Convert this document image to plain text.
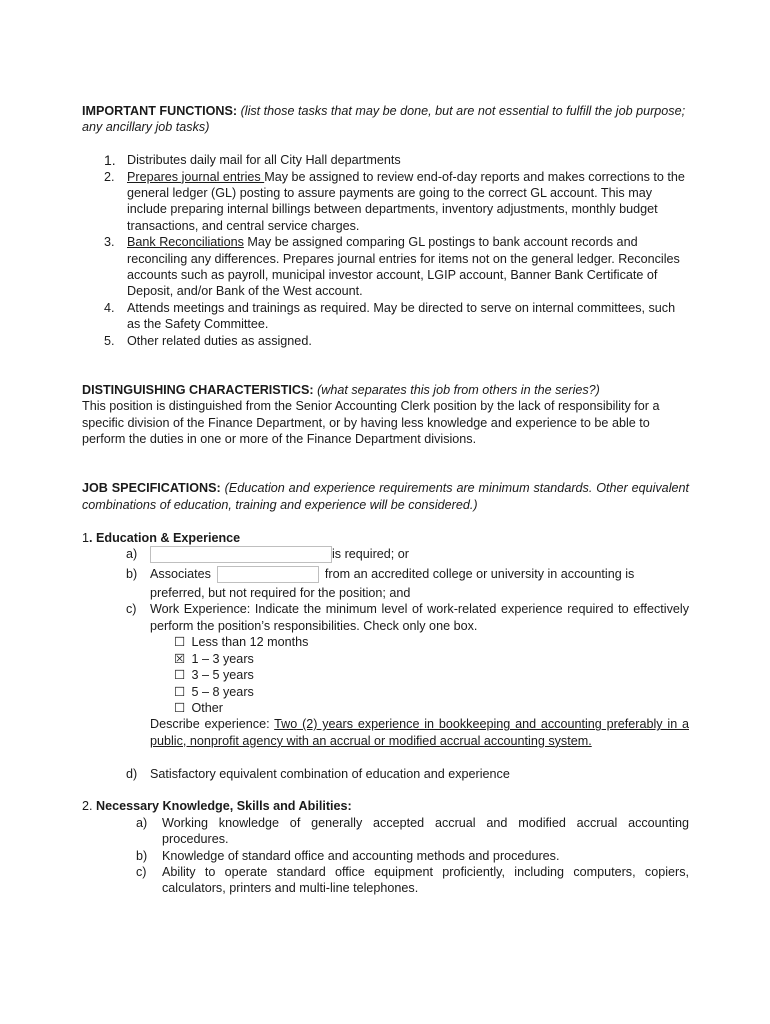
IMPORTANT FUNCTIONS: (list those tasks that may be done, but are not essential to fulfill the job purpose; any ancillary job tasks)
1. Distributes daily mail for all City Hall departments
2. Prepares journal entries May be assigned to review end-of-day reports and makes corrections to the general ledger (GL) posting to assure payments are going to the correct GL account. This may include preparing internal billings between departments, inventory adjustments, monthly budget transactions, and central service charges.
3. Bank Reconciliations May be assigned comparing GL postings to bank account records and reconciling any differences. Prepares journal entries for items not on the general ledger. Reconciles accounts such as payroll, municipal investor account, LGIP account, Banner Bank Certificate of Deposit, and/or Bank of the West account.
4. Attends meetings and trainings as required. May be directed to serve on internal committees, such as the Safety Committee.
5. Other related duties as assigned.
DISTINGUISHING CHARACTERISTICS: (what separates this job from others in the series?)
This position is distinguished from the Senior Accounting Clerk position by the lack of responsibility for a specific division of the Finance Department, or by having less knowledge and experience to be able to perform the duties in one or more of the Finance Department divisions.
JOB SPECIFICATIONS: (Education and experience requirements are minimum standards. Other equivalent combinations of education, training and experience will be considered.)
1. Education & Experience
a)	is required; or
b) Associates	from an accredited college or university in accounting is
preferred, but not required for the position; and
c) Work Experience: Indicate the minimum level of work-related experience required to effectively perform the position’s responsibilities. Check only one box.
☐ Less than 12 months
☒ 1 – 3 years
☐ 3 – 5 years
☐ 5 – 8 years
☐ Other
Describe experience: Two (2) years experience in bookkeeping and accounting preferably in a public, nonprofit agency with an accrual or modified accrual accounting system.
d) Satisfactory equivalent combination of education and experience
2. Necessary Knowledge, Skills and Abilities:
a) Working knowledge of generally accepted accrual and modified accrual accounting procedures.
b) Knowledge of standard office and accounting methods and procedures.
c) Ability to operate standard office equipment proficiently, including computers, copiers, calculators, printers and multi-line telephones.
